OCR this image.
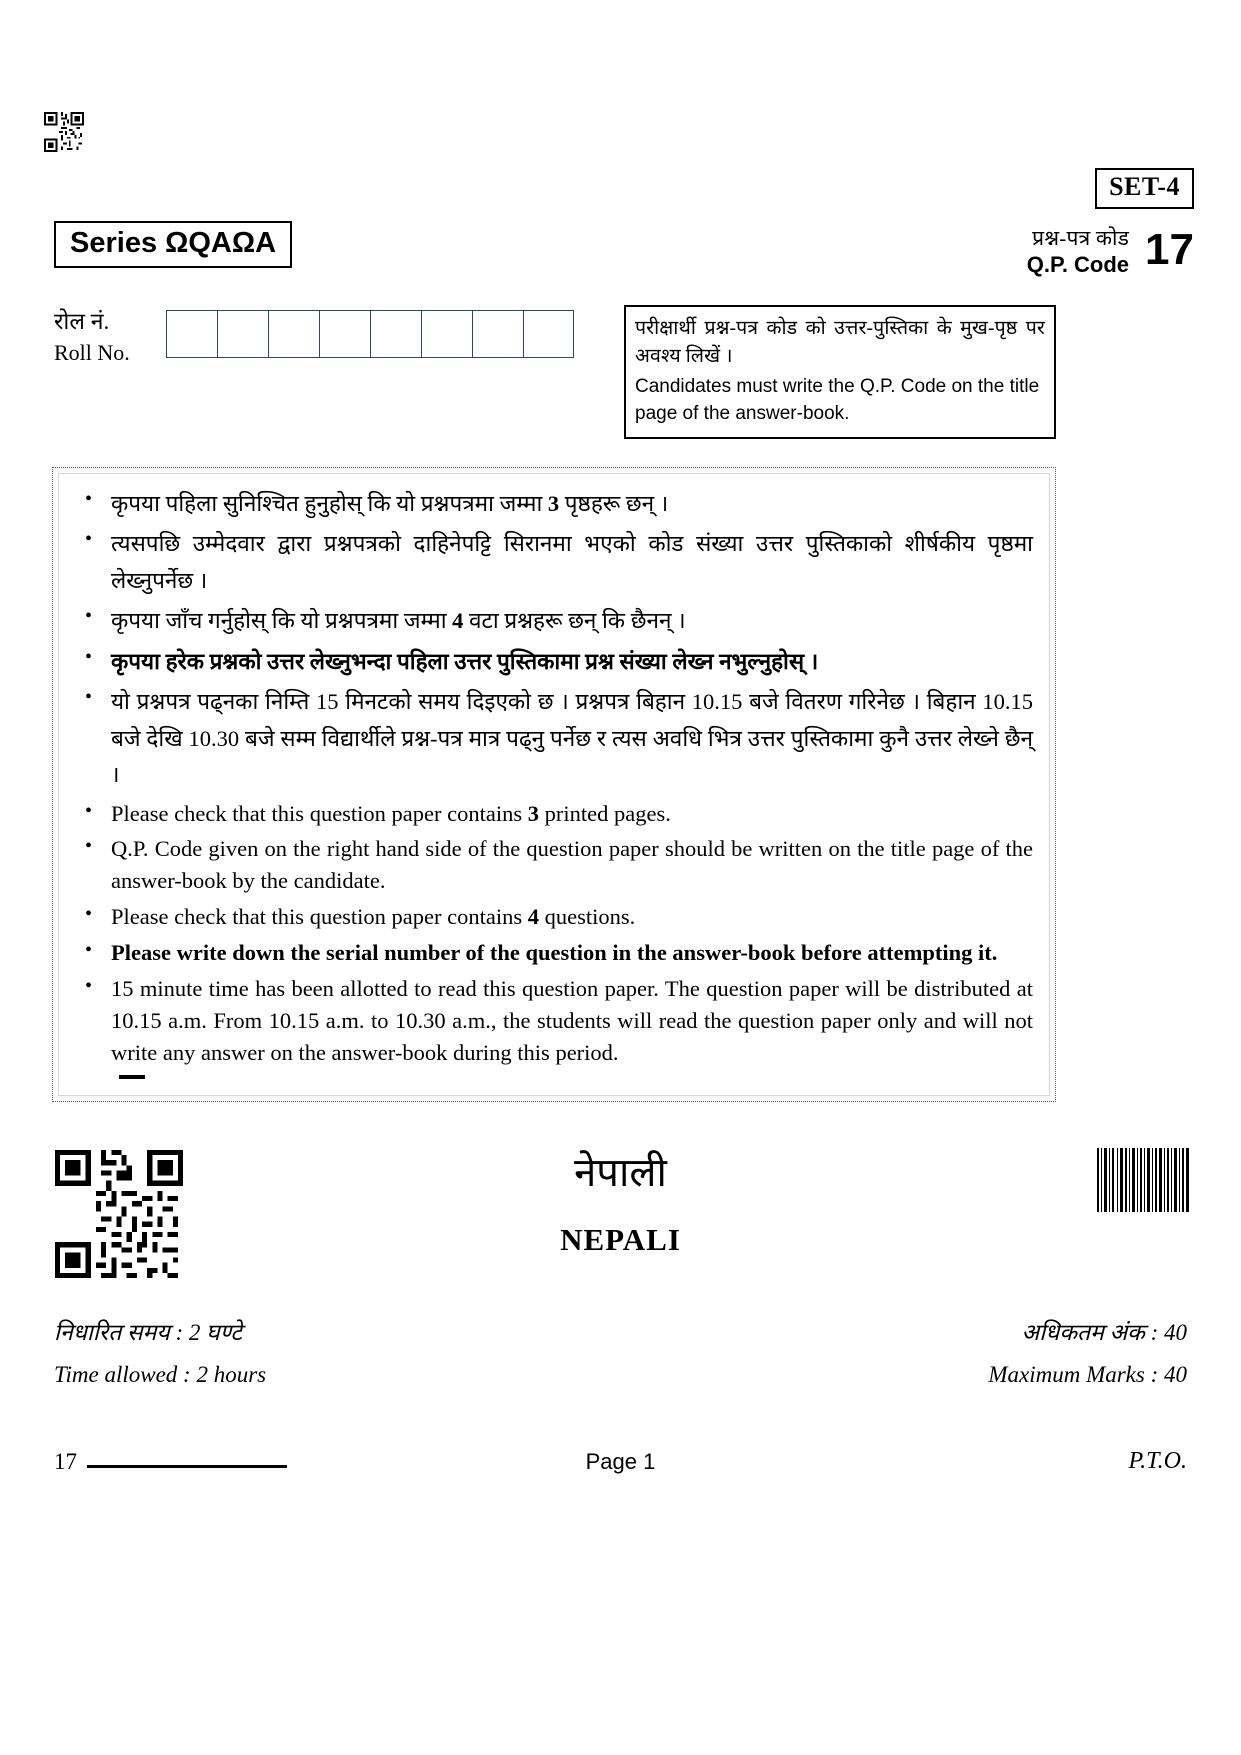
SET-4
Series ΩQAΩA	प्रश्न-पत्र कोड
Q.P. Code 17
रोल नं.
Roll No.
परीक्षार्थी प्रश्न-पत्र कोड को उत्तर-पुस्तिका के मुख-पृष्ठ पर अवश्य लिखें ।
Candidates must write the Q.P. Code on the title page of the answer-book.
• कृपया पहिला सुनिश्चित हुनुहोस् कि यो प्रश्नपत्रमा जम्मा 3 पृष्ठहरू छन् ।
• त्यसपछि उम्मेदवार द्वारा प्रश्नपत्रको दाहिनेपट्टि सिरानमा भएको कोड संख्या उत्तर पुस्तिकाको शीर्षकीय पृष्ठमा लेख्नुपर्नेछ ।
• कृपया जाँच गर्नुहोस् कि यो प्रश्नपत्रमा जम्मा 4 वटा प्रश्नहरू छन् कि छैनन् ।
• कृपया हरेक प्रश्नको उत्तर लेख्नुभन्दा पहिला उत्तर पुस्तिकामा प्रश्न संख्या लेख्न नभुल्नुहोस् ।
• यो प्रश्नपत्र पढ्नका निम्ति 15 मिनटको समय दिइएको छ । प्रश्नपत्र बिहान 10.15 बजे वितरण गरिनेछ । बिहान 10.15 बजे देखि 10.30 बजे सम्म विद्यार्थीले प्रश्न-पत्र मात्र पढ्नु पर्नेछ र त्यस अवधि भित्र उत्तर पुस्तिकामा कुनै उत्तर लेख्ने छैन् ।
• Please check that this question paper contains 3 printed pages.
• Q.P. Code given on the right hand side of the question paper should be written on the title page of the answer-book by the candidate.
• Please check that this question paper contains 4 questions.
• Please write down the serial number of the question in the answer-book before attempting it.
• 15 minute time has been allotted to read this question paper. The question paper will be distributed at 10.15 a.m. From 10.15 a.m. to 10.30 a.m., the students will read the question paper only and will not write any answer on the answer-book during this period.
नेपाली
NEPALI
निधारित समय : 2 घण्टे	अधिकतम अंक : 40
Time allowed : 2 hours	Maximum Marks : 40
17	Page 1	P.T.O.
